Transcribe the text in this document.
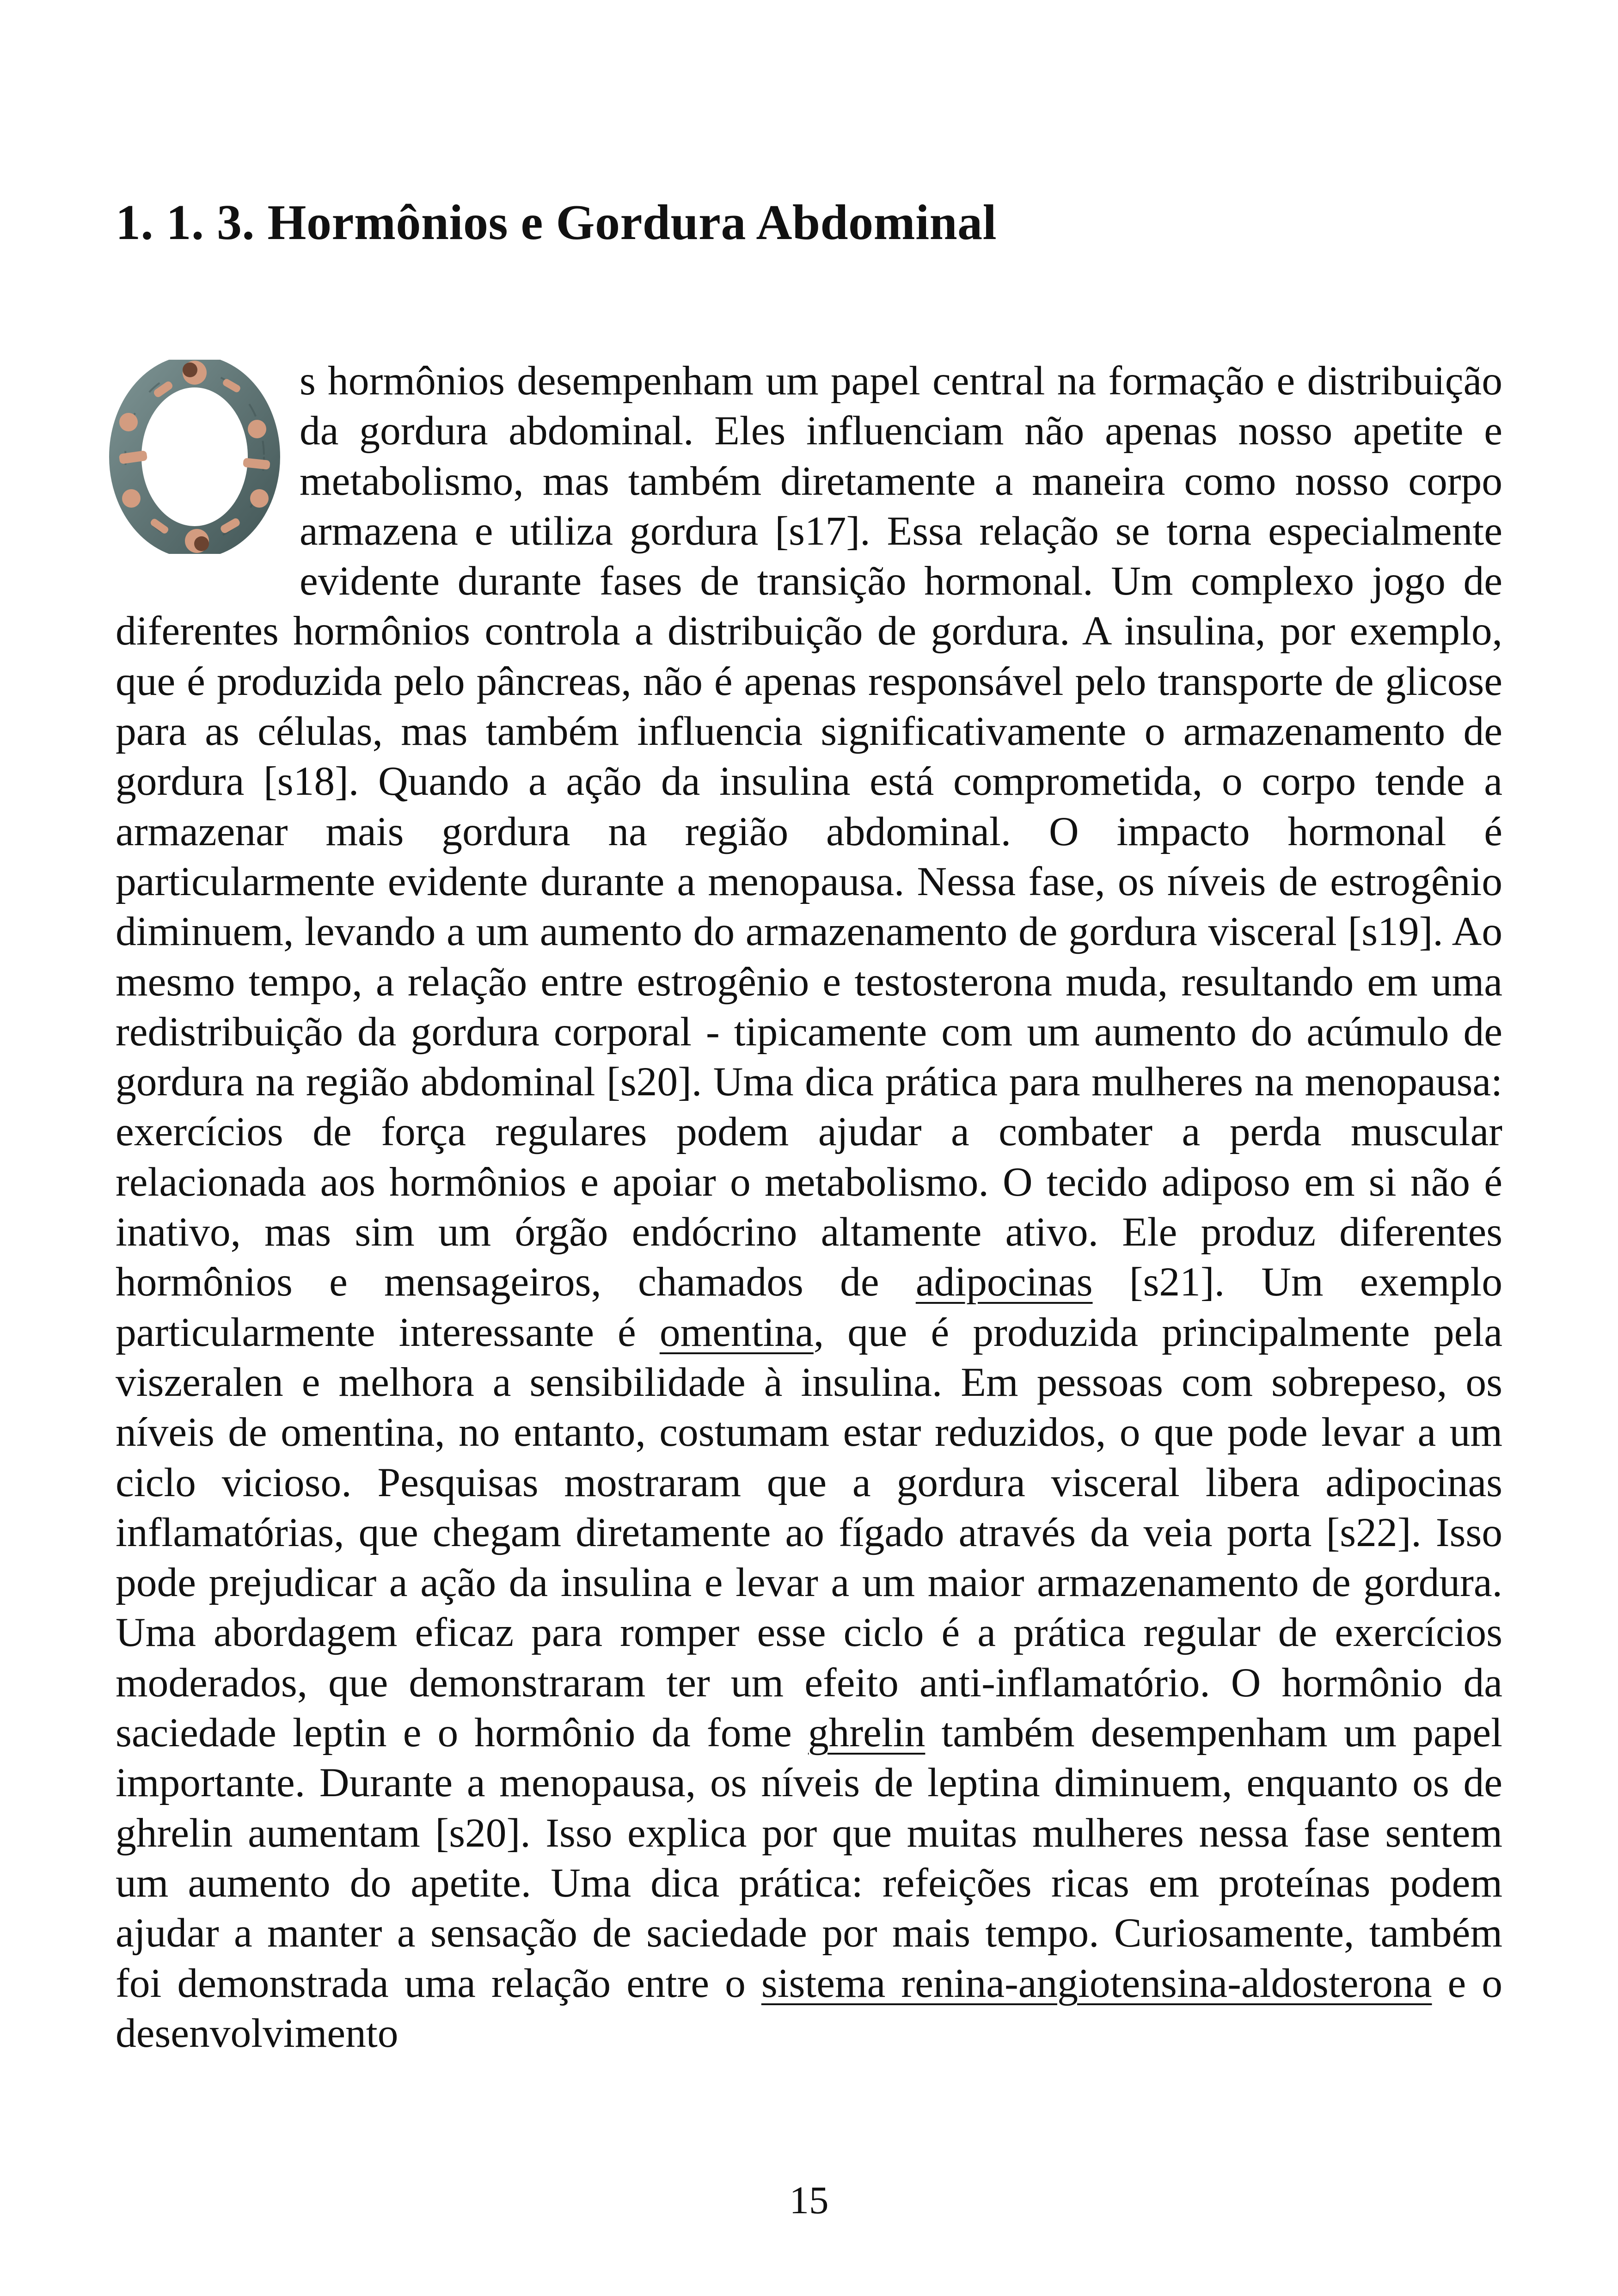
1. 1. 3. Hormônios e Gordura Abdominal
s hormônios desempenham um papel central na formação e distribuição da gordura abdominal. Eles influenciam não apenas nosso apetite e metabolismo, mas também diretamente a maneira como nosso corpo armazena e utiliza gordura [s17]. Essa relação se torna especialmente evidente durante fases de transição hormonal. Um complexo jogo de diferentes hormônios controla a distribuição de gordura. A insulina, por exemplo, que é produzida pelo pâncreas, não é apenas responsável pelo transporte de glicose para as células, mas também influencia significativamente o armazenamento de gordura [s18]. Quando a ação da insulina está comprometida, o corpo tende a armazenar mais gordura na região abdominal. O impacto hormonal é particularmente evidente durante a menopausa. Nessa fase, os níveis de estrogênio diminuem, levando a um aumento do armazenamento de gordura visceral [s19]. Ao mesmo tempo, a relação entre estrogênio e testosterona muda, resultando em uma redistribuição da gordura corporal - tipicamente com um aumento do acúmulo de gordura na região abdominal [s20]. Uma dica prática para mulheres na menopausa: exercícios de força regulares podem ajudar a combater a perda muscular relacionada aos hormônios e apoiar o metabolismo. O tecido adiposo em si não é inativo, mas sim um órgão endócrino altamente ativo. Ele produz diferentes hormônios e mensageiros, chamados de adipocinas [s21]. Um exemplo particularmente interessante é omentina, que é produzida principalmente pela viszeralen e melhora a sensibilidade à insulina. Em pessoas com sobrepeso, os níveis de omentina, no entanto, costumam estar reduzidos, o que pode levar a um ciclo vicioso. Pesquisas mostraram que a gordura visceral libera adipocinas inflamatórias, que chegam diretamente ao fígado através da veia porta [s22]. Isso pode prejudicar a ação da insulina e levar a um maior armazenamento de gordura. Uma abordagem eficaz para romper esse ciclo é a prática regular de exercícios moderados, que demonstraram ter um efeito anti-inflamatório. O hormônio da saciedade leptin e o hormônio da fome ghrelin também desempenham um papel importante. Durante a menopausa, os níveis de leptina diminuem, enquanto os de ghrelin aumentam [s20]. Isso explica por que muitas mulheres nessa fase sentem um aumento do apetite. Uma dica prática: refeições ricas em proteínas podem ajudar a manter a sensação de saciedade por mais tempo. Curiosamente, também foi demonstrada uma relação entre o sistema renina-angiotensina-aldosterona e o desenvolvimento
15
